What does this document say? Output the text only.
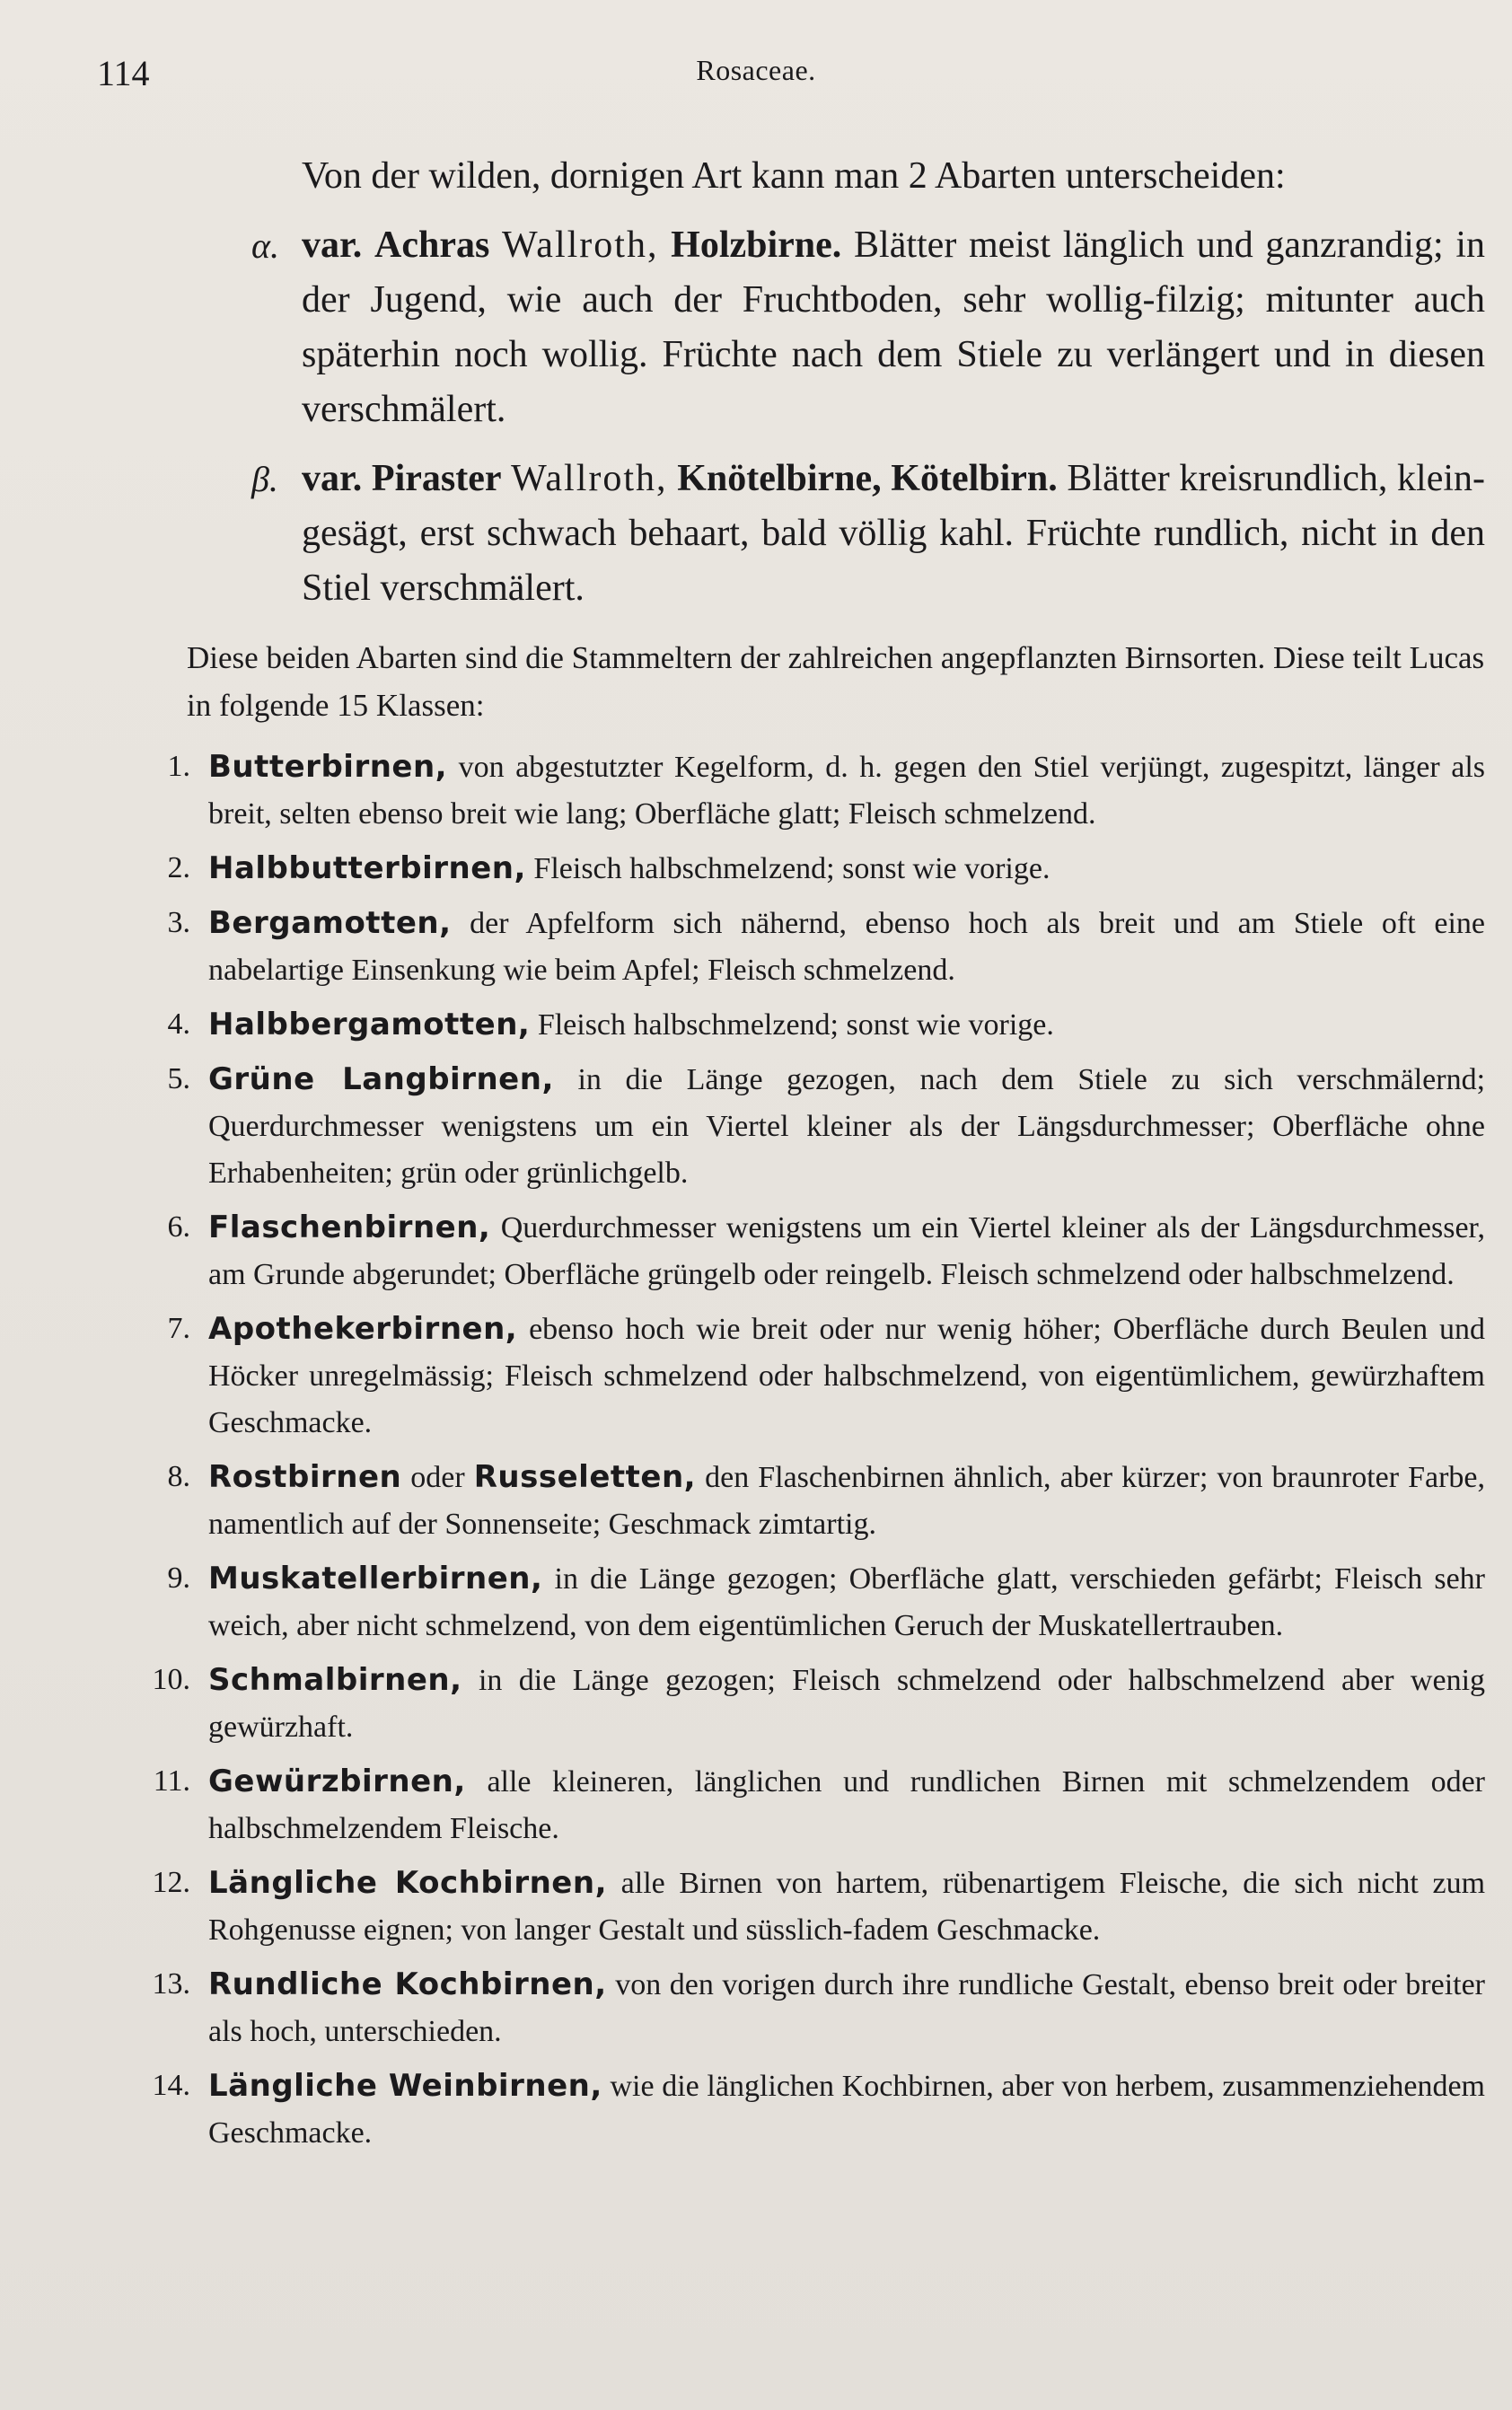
114	Rosaceae.
Von der wilden, dornigen Art kann man 2 Abarten unterscheiden:
α. var. Achras Wallroth, Holzbirne. Blätter meist länglich und ganzrandig; in der Jugend, wie auch der Fruchtboden, sehr wollig-filzig; mitunter auch späterhin noch wollig. Früchte nach dem Stiele zu verlängert und in diesen verschmälert.
β. var. Piraster Wallroth, Knötelbirne, Kötelbirn. Blätter kreisrundlich, klein-gesägt, erst schwach behaart, bald völlig kahl. Früchte rundlich, nicht in den Stiel verschmälert.
Diese beiden Abarten sind die Stammeltern der zahlreichen angepflanzten Birnsorten. Diese teilt Lucas in folgende 15 Klassen:
1. Butterbirnen, von abgestutzter Kegelform, d. h. gegen den Stiel verjüngt, zugespitzt, länger als breit, selten ebenso breit wie lang; Oberfläche glatt; Fleisch schmelzend.
2. Halbbutterbirnen, Fleisch halbschmelzend; sonst wie vorige.
3. Bergamotten, der Apfelform sich nähernd, ebenso hoch als breit und am Stiele oft eine nabelartige Einsenkung wie beim Apfel; Fleisch schmelzend.
4. Halbbergamotten, Fleisch halbschmelzend; sonst wie vorige.
5. Grüne Langbirnen, in die Länge gezogen, nach dem Stiele zu sich verschmälernd; Querdurchmesser wenigstens um ein Viertel kleiner als der Längsdurchmesser; Oberfläche ohne Erhabenheiten; grün oder grünlichgelb.
6. Flaschenbirnen, Querdurchmesser wenigstens um ein Viertel kleiner als der Längsdurchmesser, am Grunde abgerundet; Oberfläche grüngelb oder reingelb. Fleisch schmelzend oder halbschmelzend.
7. Apothekerbirnen, ebenso hoch wie breit oder nur wenig höher; Oberfläche durch Beulen und Höcker unregelmässig; Fleisch schmelzend oder halbschmelzend, von eigentümlichem, gewürzhaftem Geschmacke.
8. Rostbirnen oder Russeletten, den Flaschenbirnen ähnlich, aber kürzer; von braunroter Farbe, namentlich auf der Sonnenseite; Geschmack zimtartig.
9. Muskatellerbirnen, in die Länge gezogen; Oberfläche glatt, verschieden gefärbt; Fleisch sehr weich, aber nicht schmelzend, von dem eigentümlichen Geruch der Muskatellertrauben.
10. Schmalbirnen, in die Länge gezogen; Fleisch schmelzend oder halbschmelzend aber wenig gewürzhaft.
11. Gewürzbirnen, alle kleineren, länglichen und rundlichen Birnen mit schmelzendem oder halbschmelzendem Fleische.
12. Längliche Kochbirnen, alle Birnen von hartem, rübenartigem Fleische, die sich nicht zum Rohgenusse eignen; von langer Gestalt und süsslich-fadem Geschmacke.
13. Rundliche Kochbirnen, von den vorigen durch ihre rundliche Gestalt, ebenso breit oder breiter als hoch, unterschieden.
14. Längliche Weinbirnen, wie die länglichen Kochbirnen, aber von herbem, zusammenziehendem Geschmacke.
